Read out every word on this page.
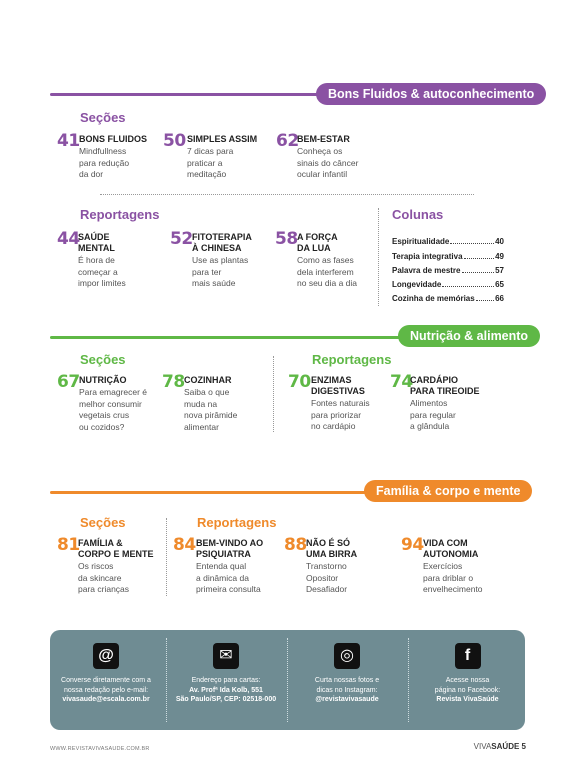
Bons Fluidos & autoconhecimento
Seções
41 BONS FLUIDOS
Mindfullness
para redução
da dor
50 SIMPLES ASSIM
7 dicas para
praticar a
meditação
62
BEM-ESTAR
Conheça os
sinais do câncer
ocular infantil
Reportagens
44
SAÚDE
MENTAL
É hora de
começar a
impor limites
52 FITOTERAPIA
À CHINESA
Use as plantas
para ter
mais saúde
58 A FORÇA
DA LUA
Como as fases
dela interferem
no seu dia a dia
Colunas
Espiritualidade	40
Terapia integrativa	49
Palavra de mestre	57
Longevidade	65
Cozinha de memórias	66
Nutrição & alimento
Seções
67 NUTRIÇÃO
Para emagrecer é
melhor consumir
vegetais crus
ou cozidos?
78 COZINHAR
Saiba o que
muda na
nova pirâmide
alimentar
Reportagens
70 ENZIMAS
DIGESTIVAS
Fontes naturais
para priorizar
no cardápio
74
CARDÁPIO
PARA TIREOIDE
Alimentos
para regular
a glândula
Família & corpo e mente
Seções
81
FAMÍLIA &
CORPO E MENTE
Os riscos
da skincare
para crianças
Reportagens
84 BEM-VINDO AO
PSIQUIATRA
Entenda qual
a dinâmica da
primeira consulta
88 NÃO É SÓ
UMA BIRRA
Transtorno
Opositor
Desafiador
94 VIDA COM
AUTONOMIA
Exercícios
para driblar o
envelhecimento
@
Converse diretamente com a
nossa redação pelo e-mail:
vivasaude@escala.com.br
✉
Endereço para cartas:
Av. Profª Ida Kolb, 551
São Paulo/SP, CEP: 02518-000
◎
Curta nossas fotos e
dicas no Instagram:
@revistavivasaude
f
Acesse nossa
página no Facebook:
Revista VivaSaúde
WWW.REVISTAVIVASAUDE.COM.BR	VIVASAÚDE 5
